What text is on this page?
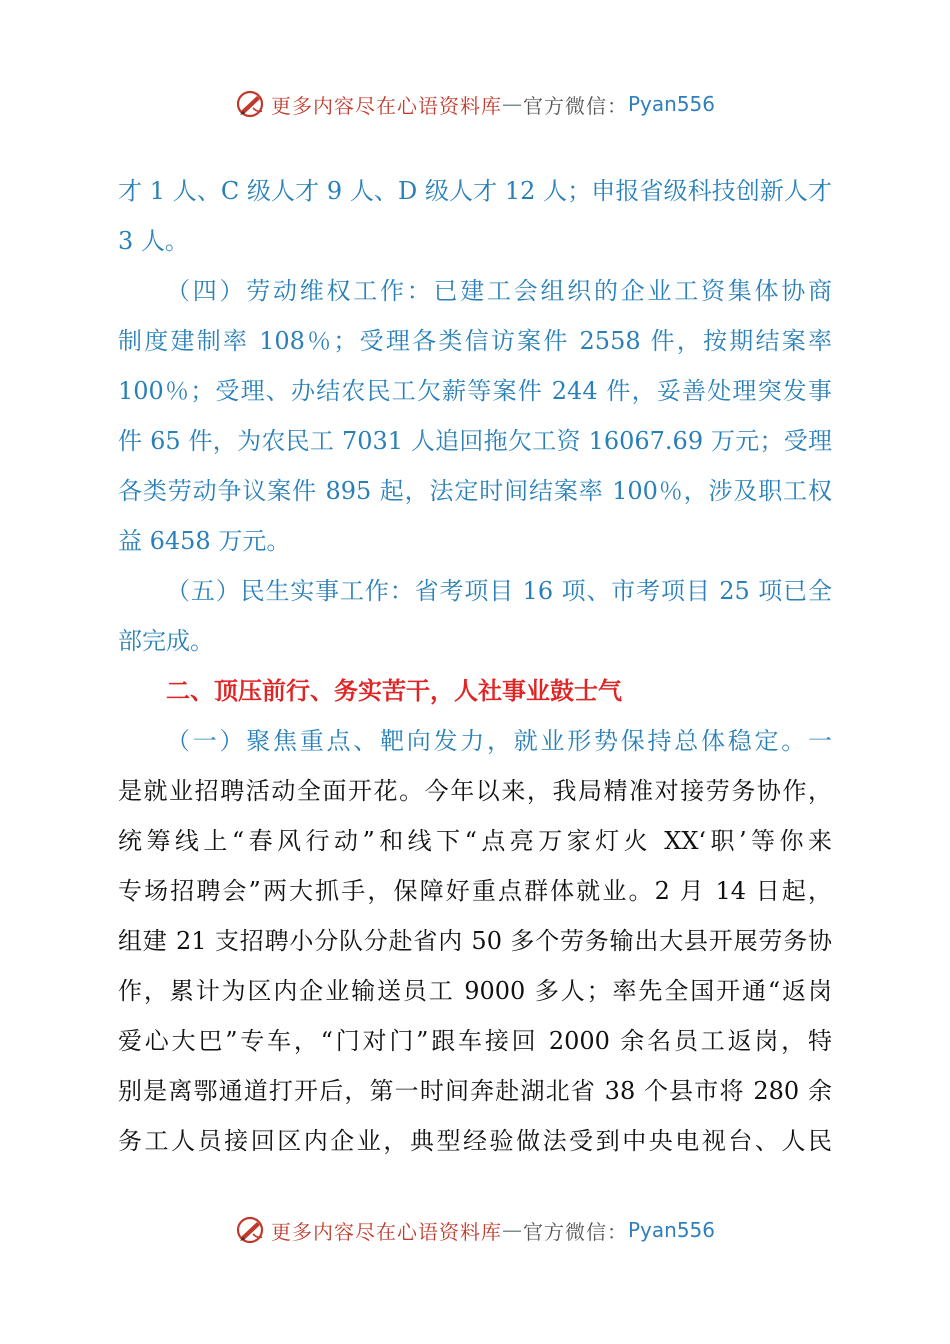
更多内容尽在心语资料库 — 官方微信： Pyan556
才 1 人、C 级人才 9 人、D 级人才 12 人；申报省级科技创新人才
3 人。
（四）劳动维权工作：已建工会组织的企业工资集体协商
制度建制率 108％；受理各类信访案件 2558 件，按期结案率
100％；受理、办结农民工欠薪等案件 244 件，妥善处理突发事
件 65 件，为农民工 7031 人追回拖欠工资 16067.69 万元；受理
各类劳动争议案件 895 起，法定时间结案率 100％，涉及职工权
益 6458 万元。
（五）民生实事工作：省考项目 16 项、市考项目 25 项已全
部完成。
二、顶压前行、务实苦干，人社事业鼓士气
（一）聚焦重点、靶向发力，就业形势保持总体稳定。一
是就业招聘活动全面开花。今年以来，我局精准对接劳务协作，
统筹线上“春风行动”和线下“点亮万家灯火 XX‘职’等你来
专场招聘会”两大抓手，保障好重点群体就业。2 月 14 日起，
组建 21 支招聘小分队分赴省内 50 多个劳务输出大县开展劳务协
作，累计为区内企业输送员工 9000 多人；率先全国开通“返岗
爱心大巴”专车，“门对门”跟车接回 2000 余名员工返岗，特
别是离鄂通道打开后，第一时间奔赴湖北省 38 个县市将 280 余
务工人员接回区内企业，典型经验做法受到中央电视台、人民
更多内容尽在心语资料库 — 官方微信： Pyan556
